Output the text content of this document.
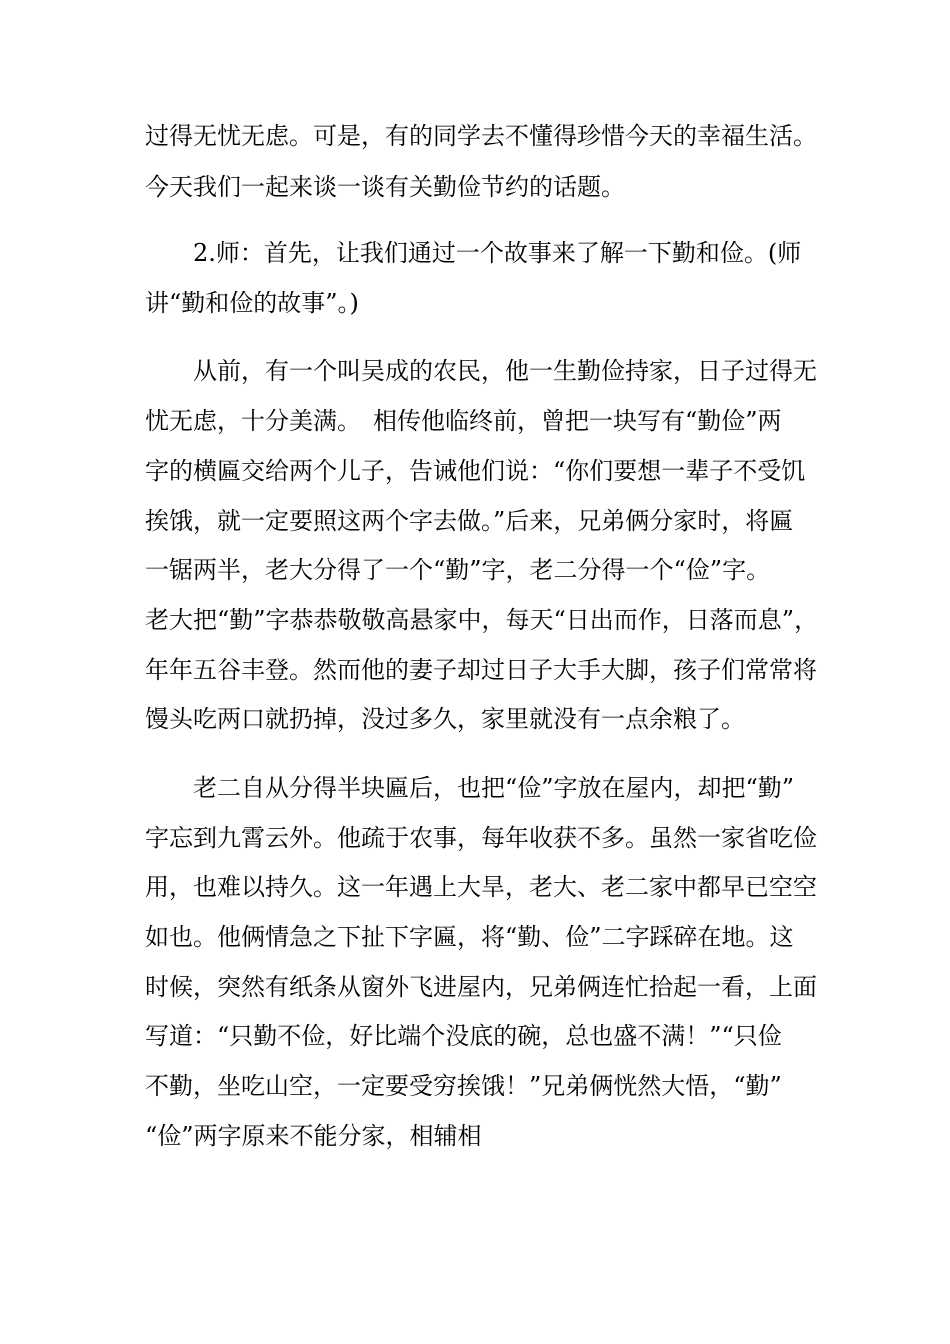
过得无忧无虑。可是，有的同学去不懂得珍惜今天的幸福生活。
今天我们一起来谈一谈有关勤俭节约的话题。
2.师：首先，让我们通过一个故事来了解一下勤和俭。(师
讲“勤和俭的故事”。)
从前，有一个叫吴成的农民，他一生勤俭持家，日子过得无
忧无虑，十分美满。　相传他临终前，曾把一块写有“勤俭”两
字的横匾交给两个儿子，告诫他们说：“你们要想一辈子不受饥
挨饿，就一定要照这两个字去做。”后来，兄弟俩分家时，将匾
一锯两半，老大分得了一个“勤”字，老二分得一个“俭”字。
老大把“勤”字恭恭敬敬高悬家中，每天“日出而作，日落而息”，
年年五谷丰登。然而他的妻子却过日子大手大脚，孩子们常常将
馒头吃两口就扔掉，没过多久，家里就没有一点余粮了。
老二自从分得半块匾后，也把“俭”字放在屋内，却把“勤”
字忘到九霄云外。他疏于农事，每年收获不多。虽然一家省吃俭
用，也难以持久。这一年遇上大旱，老大、老二家中都早已空空
如也。他俩情急之下扯下字匾，将“勤、俭”二字踩碎在地。这
时候，突然有纸条从窗外飞进屋内，兄弟俩连忙拾起一看，上面
写道：“只勤不俭，好比端个没底的碗，总也盛不满！”“只俭
不勤，坐吃山空，一定要受穷挨饿！”兄弟俩恍然大悟，“勤”
“俭”两字原来不能分家，相辅相
